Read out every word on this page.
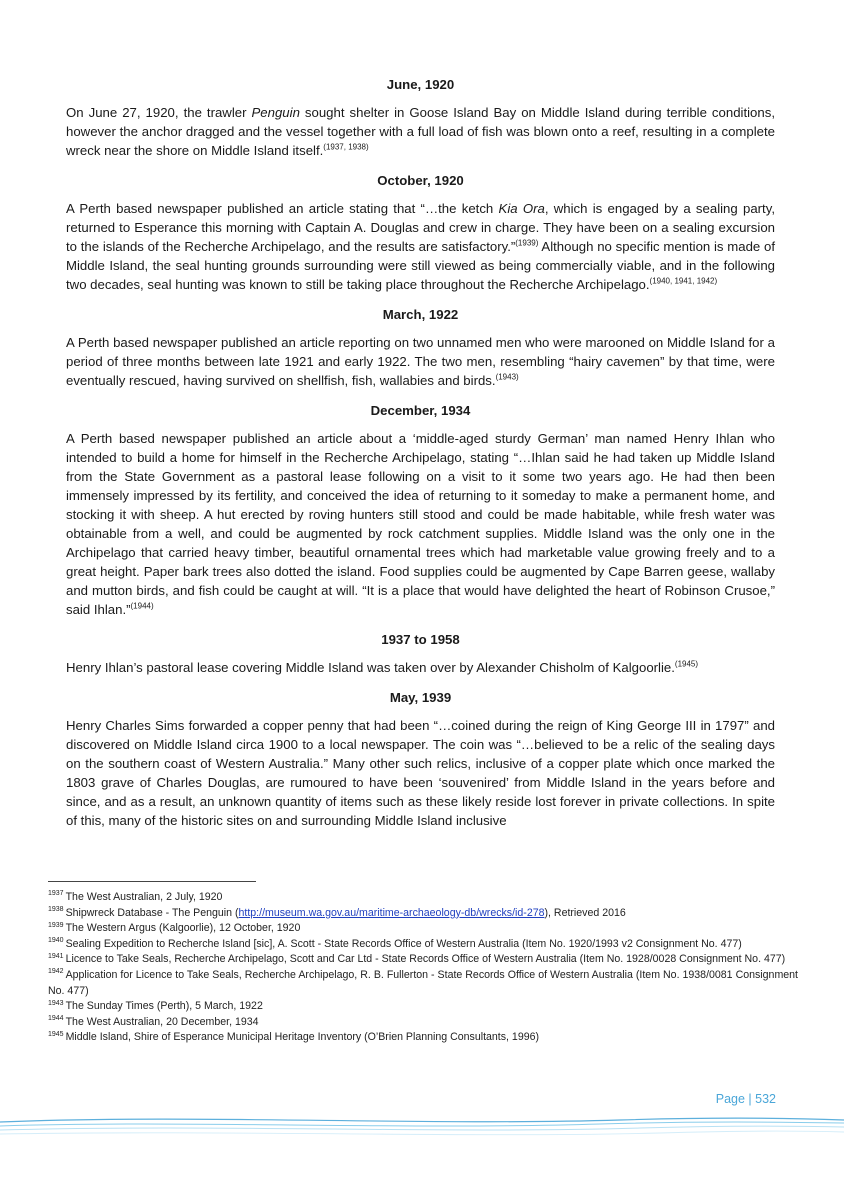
June, 1920

On June 27, 1920, the trawler Penguin sought shelter in Goose Island Bay on Middle Island during terrible conditions, however the anchor dragged and the vessel together with a full load of fish was blown onto a reef, resulting in a complete wreck near the shore on Middle Island itself.$^{(1937, 1938)}$

October, 1920

A Perth based newspaper published an article stating that “…the ketch Kia Ora, which is engaged by a sealing party, returned to Esperance this morning with Captain A. Douglas and crew in charge. They have been on a sealing excursion to the islands of the Recherche Archipelago, and the results are satisfactory.”$^{(1939)}$ Although no specific mention is made of Middle Island, the seal hunting grounds surrounding were still viewed as being commercially viable, and in the following two decades, seal hunting was known to still be taking place throughout the Recherche Archipelago.$^{(1940, 1941, 1942)}$

March, 1922

A Perth based newspaper published an article reporting on two unnamed men who were marooned on Middle Island for a period of three months between late 1921 and early 1922. The two men, resembling “hairy cavemen” by that time, were eventually rescued, having survived on shellfish, fish, wallabies and birds.$^{(1943)}$

December, 1934

A Perth based newspaper published an article about a ‘middle-aged sturdy German’ man named Henry Ihlan who intended to build a home for himself in the Recherche Archipelago, stating “…Ihlan said he had taken up Middle Island from the State Government as a pastoral lease following on a visit to it some two years ago. He had then been immensely impressed by its fertility, and conceived the idea of returning to it someday to make a permanent home, and stocking it with sheep. A hut erected by roving hunters still stood and could be made habitable, while fresh water was obtainable from a well, and could be augmented by rock catchment supplies. Middle Island was the only one in the Archipelago that carried heavy timber, beautiful ornamental trees which had marketable value growing freely and to a great height. Paper bark trees also dotted the island. Food supplies could be augmented by Cape Barren geese, wallaby and mutton birds, and fish could be caught at will. “It is a place that would have delighted the heart of Robinson Crusoe,” said Ihlan.”$^{(1944)}$

1937 to 1958

Henry Ihlan’s pastoral lease covering Middle Island was taken over by Alexander Chisholm of Kalgoorlie.$^{(1945)}$

May, 1939

Henry Charles Sims forwarded a copper penny that had been “…coined during the reign of King George III in 1797” and discovered on Middle Island circa 1900 to a local newspaper. The coin was “…believed to be a relic of the sealing days on the southern coast of Western Australia.” Many other such relics, inclusive of a copper plate which once marked the 1803 grave of Charles Douglas, are rumoured to have been ‘souvenired’ from Middle Island in the years before and since, and as a result, an unknown quantity of items such as these likely reside lost forever in private collections. In spite of this, many of the historic sites on and surrounding Middle Island inclusive

$^{1937}$ The West Australian, 2 July, 1920

$^{1938}$ Shipwreck Database - The Penguin (http://museum.wa.gov.au/maritime-archaeology-db/wrecks/id-278), Retrieved 2016

$^{1939}$ The Western Argus (Kalgoorlie), 12 October, 1920

$^{1940}$ Sealing Expedition to Recherche Island [sic], A. Scott - State Records Office of Western Australia (Item No. 1920/1993 v2 Consignment No. 477)

$^{1941}$ Licence to Take Seals, Recherche Archipelago, Scott and Car Ltd - State Records Office of Western Australia (Item No. 1928/0028 Consignment No. 477)

$^{1942}$ Application for Licence to Take Seals, Recherche Archipelago, R. B. Fullerton - State Records Office of Western Australia (Item No. 1938/0081 Consignment No. 477)

$^{1943}$ The Sunday Times (Perth), 5 March, 1922

$^{1944}$ The West Australian, 20 December, 1934

$^{1945}$ Middle Island, Shire of Esperance Municipal Heritage Inventory (O’Brien Planning Consultants, 1996)

Page | 532
